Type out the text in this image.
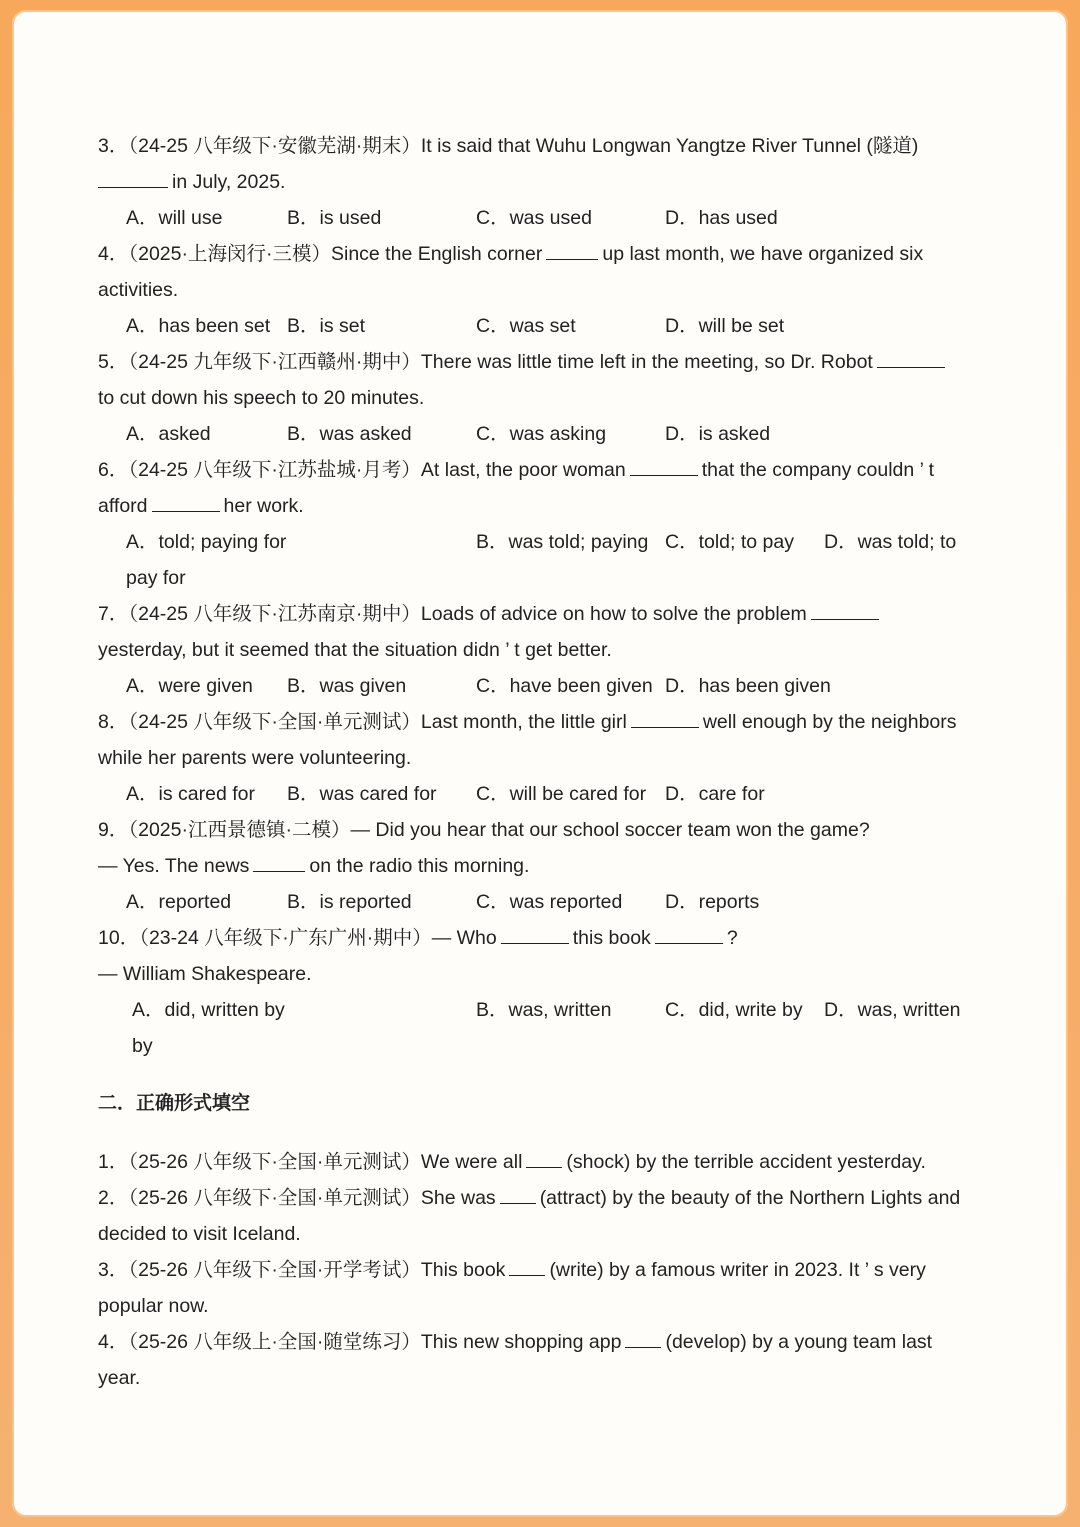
3．（24-25 八年级下·安徽芜湖·期末）It is said that Wuhu Longwan Yangtze River Tunnel (隧道)
in July, 2025.
A．will use	B．is used	C．was used	D．has used
4．（2025·上海闵行·三模）Since the English corner	up last month, we have organized six
activities.
A．has been set B．is set	C．was set	D．will be set
5．（24-25 九年级下·江西赣州·期中）There was little time left in the meeting, so Dr. Robot
to cut down his speech to 20 minutes.
A．asked	B．was asked	C．was asking	D．is asked
6．（24-25 八年级下·江苏盐城·月考）At last, the poor woman	that the company couldn ’ t
afford	her work.
A．told; paying for	B．was told; paying C．told; to pay D．was told; to
pay for
7．（24-25 八年级下·江苏南京·期中）Loads of advice on how to solve the problem
yesterday, but it seemed that the situation didn ’ t get better.
A．were given B．was given	C．have been given D．has been given
8．（24-25 八年级下·全国·单元测试）Last month, the little girl	well enough by the neighbors
while her parents were volunteering.
A．is cared for B．was cared for C．will be cared for D．care for
9．（2025·江西景德镇·二模）— Did you hear that our school soccer team won the game?
— Yes. The news	on the radio this morning.
A．reported	B．is reported	C．was reported D．reports
10．（23-24 八年级下·广东广州·期中）— Who	this book	?
— William Shakespeare.
A．did, written by	B．was, written	C．did, write by D．was, written
by
二．正确形式填空
1．（25-26 八年级下·全国·单元测试）We were all (shock) by the terrible accident yesterday.
2．（25-26 八年级下·全国·单元测试）She was (attract) by the beauty of the Northern Lights and
decided to visit Iceland.
3．（25-26 八年级下·全国·开学考试）This book (write) by a famous writer in 2023. It ’ s very
popular now.
4．（25-26 八年级上·全国·随堂练习）This new shopping app (develop) by a young team last
year.
